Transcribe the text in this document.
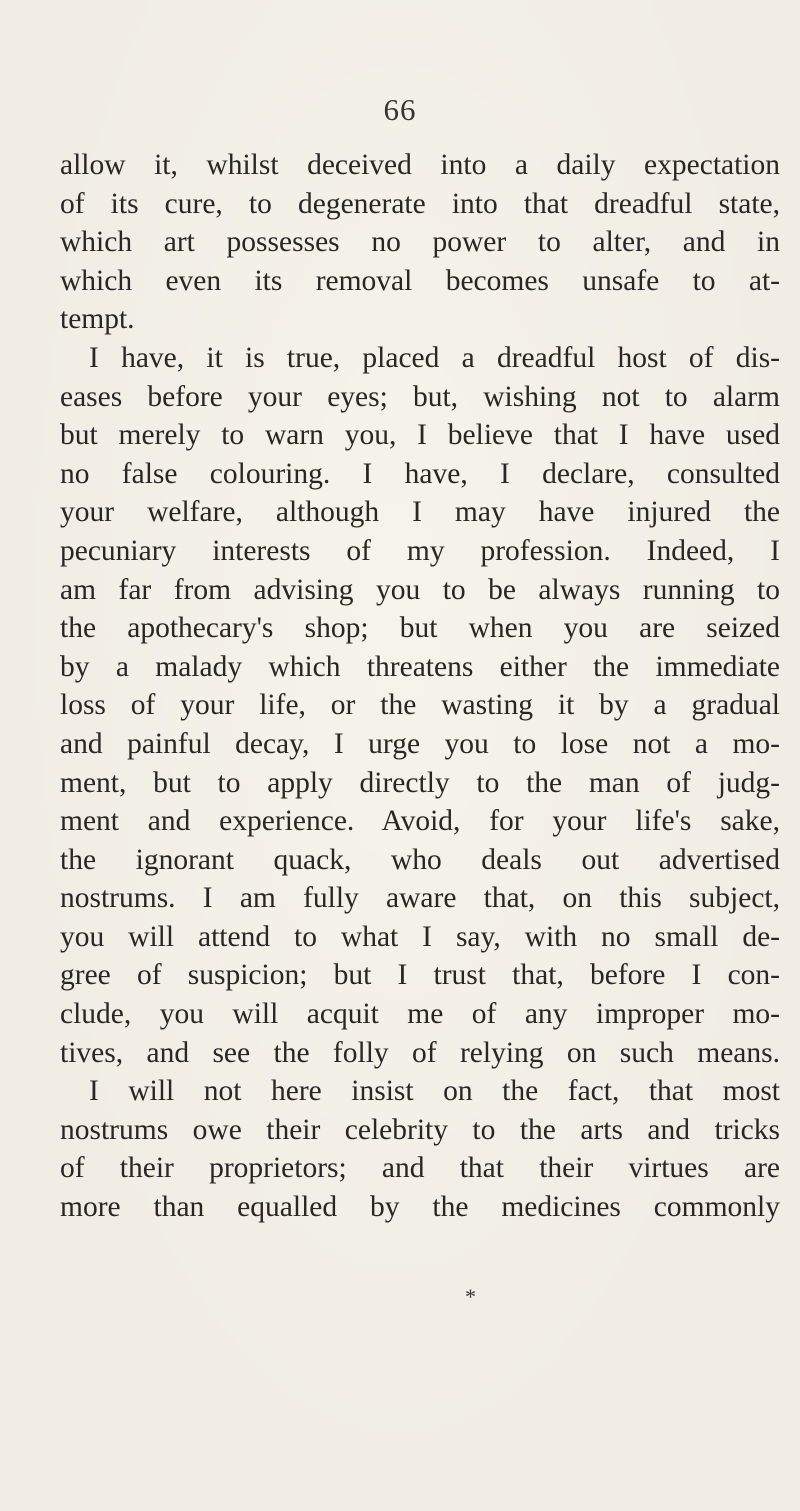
66
allow it, whilst deceived into a daily expectation
of its cure, to degenerate into that dreadful state,
which art possesses no power to alter, and in
which even its removal becomes unsafe to at-
tempt.
I have, it is true, placed a dreadful host of dis-
eases before your eyes; but, wishing not to alarm
but merely to warn you, I believe that I have used
no false colouring. I have, I declare, consulted
your welfare, although I may have injured the
pecuniary interests of my profession. Indeed, I
am far from advising you to be always running to
the apothecary's shop; but when you are seized
by a malady which threatens either the immediate
loss of your life, or the wasting it by a gradual
and painful decay, I urge you to lose not a mo-
ment, but to apply directly to the man of judg-
ment and experience. Avoid, for your life's sake,
the ignorant quack, who deals out advertised
nostrums. I am fully aware that, on this subject,
you will attend to what I say, with no small de-
gree of suspicion; but I trust that, before I con-
clude, you will acquit me of any improper mo-
tives, and see the folly of relying on such means.
I will not here insist on the fact, that most
nostrums owe their celebrity to the arts and tricks
of their proprietors; and that their virtues are
more than equalled by the medicines commonly
*
